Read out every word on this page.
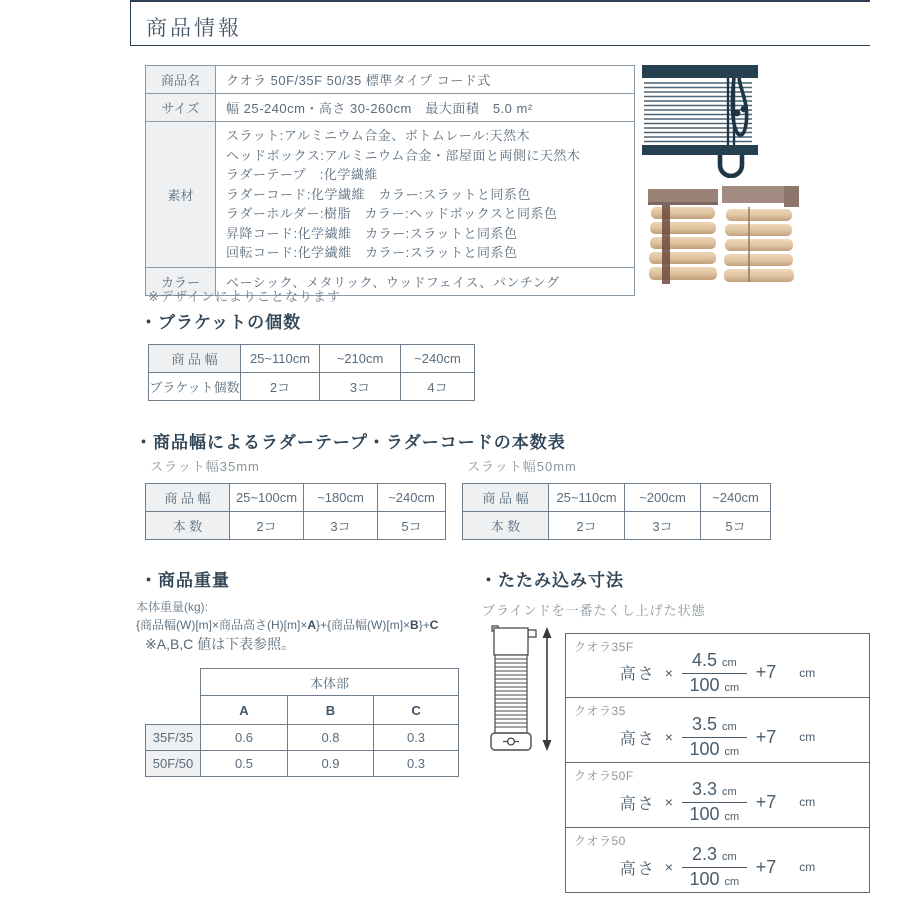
商品情報
商品名	クオラ 50F/35F 50/35 標準タイプ コード式
サイズ	幅 25-240cm・高さ 30-260cm　最大面積　5.0 m²
素材	
スラット:アルミニウム合金、ボトムレール:天然木
ヘッドボックス:アルミニウム合金・部屋面と両側に天然木
ラダーテープ　:化学繊維
ラダーコード:化学繊維　カラー:スラットと同系色
ラダーホルダー:樹脂　カラー:ヘッドボックスと同系色
昇降コード:化学繊維　カラー:スラットと同系色
回転コード:化学繊維　カラー:スラットと同系色

カラー	ベーシック、メタリック、ウッドフェイス、パンチング
※デザインによりことなります
・ブラケットの個数
商 品 幅	25~110cm	~210cm	~240cm
ブラケット個数	2コ	3コ	4コ
・商品幅によるラダーテープ・ラダーコードの本数表
スラット幅35mm	スラット幅50mm
商 品 幅	25~100cm	~180cm	~240cm
本 数	2コ	3コ	5コ
商 品 幅	25~110cm	~200cm	~240cm
本 数	2コ	3コ	5コ
・商品重量
本体重量(kg):
{商品幅(W)[m]×商品高さ(H)[m]×A}+{商品幅(W)[m]×B}+C
※A,B,C 値は下表参照。
	本体部		
	A	B	C
35F/35	0.6	0.8	0.3
50F/50	0.5	0.9	0.3
・たたみ込み寸法
ブラインドを一番たくし上げた状態
クオラ35F
高さ × $\frac{4.5 cm}{100 cm} +7$ cm
クオラ35
高さ × $\frac{3.5 cm}{100 cm} +7$ cm
クオラ50F
高さ × $\frac{3.3 cm}{100 cm} +7$ cm
クオラ50
高さ × $\frac{2.3 cm}{100 cm} +7$ cm
